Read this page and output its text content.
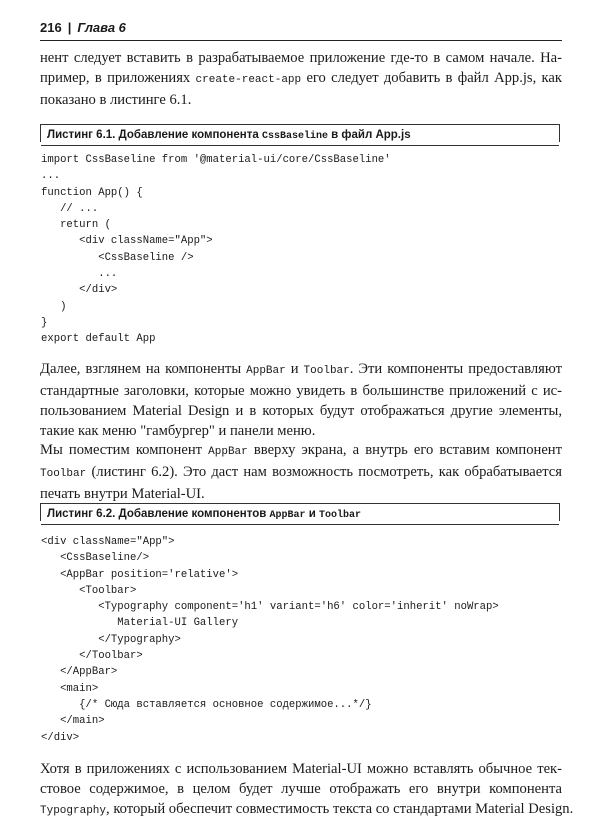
216 | Глава 6

нент следует вставить в разрабатываемое приложение где-то в самом начале. На-
пример, в приложениях create-react-app его следует добавить в файл App.js, как
показано в листинге 6.1.

Листинг 6.1. Добавление компонента CssBaseline в файл App.js
import CssBaseline from '@material-ui/core/CssBaseline'
...
function App() {
// ...
return (
<div className="App">
<CssBaseline />
...
</div>
)
}
export default App

Далее, взглянем на компоненты AppBar и Toolbar. Эти компоненты предоставляют
стандартные заголовки, которые можно увидеть в большинстве приложений с ис-
пользованием Material Design и в которых будут отображаться другие элементы,
такие как меню "гамбургер" и панели меню.

Мы поместим компонент AppBar вверху экрана, а внутрь его вставим компонент
Toolbar (листинг 6.2). Это даст нам возможность посмотреть, как обрабатывается
печать внутри Material-UI.

Листинг 6.2. Добавление компонентов AppBar и Toolbar
<div className="App">
<CssBaseline/>
<AppBar position='relative'>
<Toolbar>
<Typography component='h1' variant='h6' color='inherit' noWrap>
Material-UI Gallery
</Typography>
</Toolbar>
</AppBar>
<main>
{/* Сюда вставляется основное содержимое...*/}
</main>
</div>

Хотя в приложениях с использованием Material-UI можно вставлять обычное тек-
стовое содержимое, в целом будет лучше отображать его внутри компонента
Typography, который обеспечит совместимость текста со стандартами Material Design.
